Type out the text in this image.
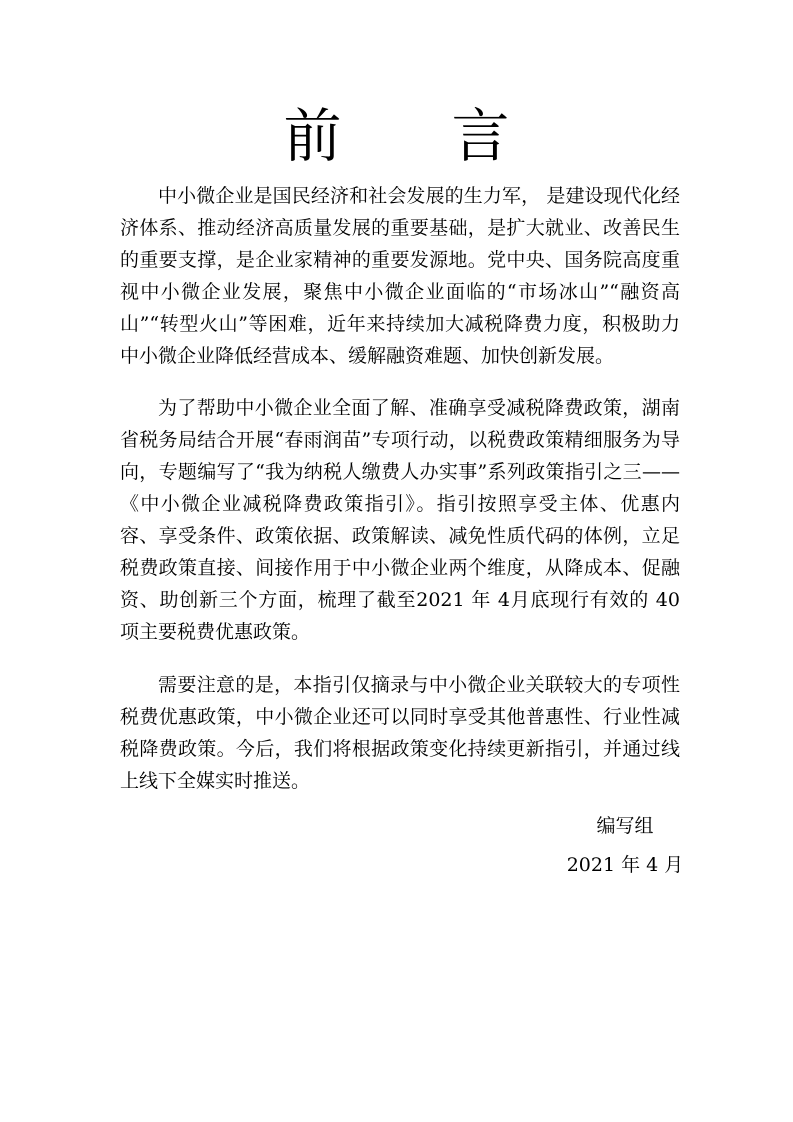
前 言

中小微企业是国民经济和社会发展的生力军， 是建设现代化经济体系、推动经济高质量发展的重要基础，是扩大就业、改善民生的重要支撑，是企业家精神的重要发源地。党中央、国务院高度重视中小微企业发展，聚焦中小微企业面临的“市场冰山”“融资高山”“转型火山”等困难，近年来持续加大减税降费力度，积极助力中小微企业降低经营成本、缓解融资难题、加快创新发展。

为了帮助中小微企业全面了解、准确享受减税降费政策，湖南省税务局结合开展“春雨润苗”专项行动，以税费政策精细服务为导向，专题编写了“我为纳税人缴费人办实事”系列政策指引之三——《中小微企业减税降费政策指引》。指引按照享受主体、优惠内容、享受条件、政策依据、政策解读、减免性质代码的体例，立足税费政策直接、间接作用于中小微企业两个维度，从降成本、促融资、助创新三个方面，梳理了截至2021 年 4月底现行有效的 40 项主要税费优惠政策。

需要注意的是，本指引仅摘录与中小微企业关联较大的专项性税费优惠政策，中小微企业还可以同时享受其他普惠性、行业性减税降费政策。今后，我们将根据政策变化持续更新指引，并通过线上线下全媒实时推送。

编写组
2021 年 4 月
